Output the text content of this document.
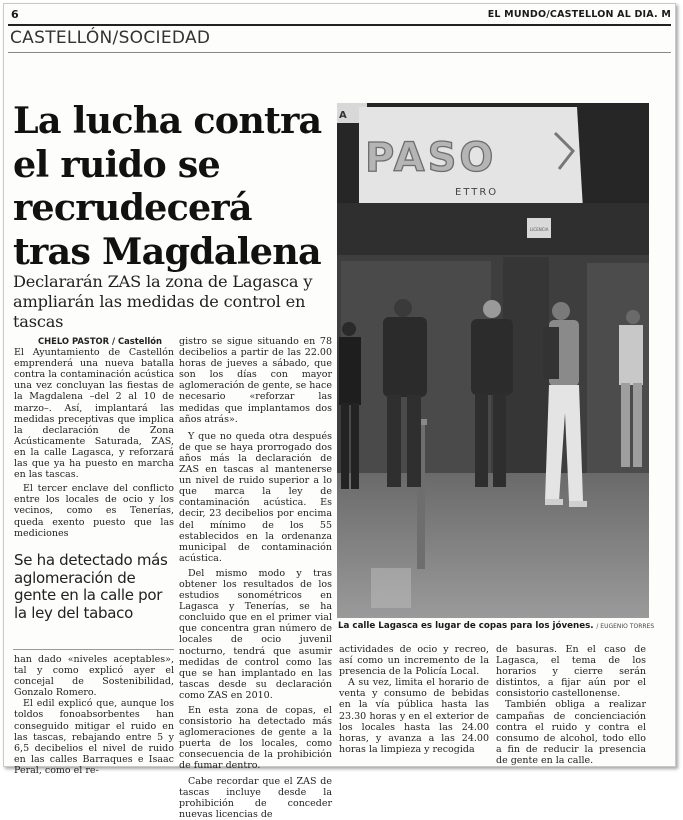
6	EL MUNDO/CASTELLON AL DIA. M
CASTELLÓN/SOCIEDAD
La lucha contra el ruido se recrudecerá tras Magdalena
Declararán ZAS la zona de Lagasca y ampliarán las medidas de control en tascas
CHELO PASTOR / Castellón

El Ayuntamiento de Castellón emprenderá una nueva batalla contra la contaminación acústica una vez concluyan las fiestas de la Magdalena –del 2 al 10 de marzo–. Así, implantará las medidas preceptivas que implica la declaración de Zona Acústicamente Saturada, ZAS, en la calle Lagasca, y reforzará las que ya ha puesto en marcha en las tascas.

El tercer enclave del conflicto entre los locales de ocio y los vecinos, como es Tenerías, queda exento puesto que las mediciones

Se ha detectado más aglomeración de gente en la calle por la ley del tabaco

han dado «niveles aceptables», tal y como explicó ayer el concejal de Sostenibilidad, Gonzalo Romero.

El edil explicó que, aunque los toldos fonoabsorbentes han conseguido mitigar el ruido en las tascas, rebajando entre 5 y 6,5 decibelios el nivel de ruido en las calles Barraques e Isaac Peral, como el re-

gistro se sigue situando en 78 decibelios a partir de las 22.00 horas de jueves a sábado, que son los días con mayor aglomeración de gente, se hace necesario «reforzar las medidas que implantamos dos años atrás».

Y que no queda otra después de que se haya prorrogado dos años más la declaración de ZAS en tascas al mantenerse un nivel de ruido superior a lo que marca la ley de contaminación acústica. Es decir, 23 decibelios por encima del mínimo de los 55 establecidos en la ordenanza municipal de contaminación acústica.

Del mismo modo y tras obtener los resultados de los estudios sonométricos en Lagasca y Tenerías, se ha concluido que en el primer vial que concentra gran número de locales de ocio juvenil nocturno, tendrá que asumir medidas de control como las que se han implantado en las tascas desde su declaración como ZAS en 2010.

En esta zona de copas, el consistorio ha detectado más aglomeraciones de gente a la puerta de los locales, como consecuencia de la prohibición de fumar dentro.

Cabe recordar que el ZAS de tascas incluye desde la prohibición de conceder nuevas licencias de

actividades de ocio y recreo, así como un incremento de la presencia de la Policía Local.

A su vez, limita el horario de venta y consumo de bebidas en la vía pública hasta las 23.30 horas y en el exterior de los locales hasta las 24.00 horas, y avanza a las 24.00 horas la limpieza y recogida

de basuras. En el caso de Lagasca, el tema de los horarios y cierre serán distintos, a fijar aún por el consistorio castellonense.

También obliga a realizar campañas de concienciación contra el ruido y contra el consumo de alcohol, todo ello a fin de reducir la presencia de gente en la calle.

A
PASO
ETTRO
LICENCIA
La calle Lagasca es lugar de copas para los jóvenes. / EUGENIO TORRES
